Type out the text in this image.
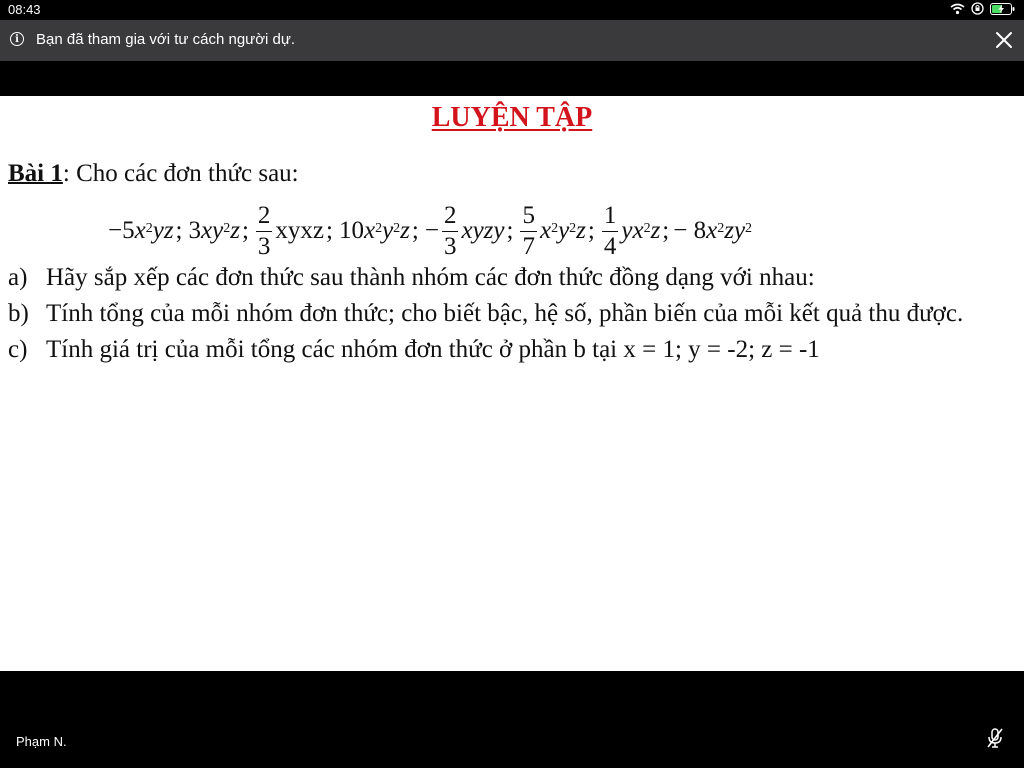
08:43
i	Bạn đã tham gia với tư cách người dự.
LUYỆN TẬP
Bài 1: Cho các đơn thức sau:
−5 $x^2$ yz ; 3 $xy^2$ z ; $\frac{2}{3}$ xyxz ; 10 $x^2$ $y^2$ z ; − $\frac{2}{3}$ xyzy ; $\frac{5}{7} x^2$ $y^2$ z ; $\frac{1}{4} yx^2$ z ; − 8 $x^2$ $zy^2$
a) Hãy sắp xếp các đơn thức sau thành nhóm các đơn thức đồng dạng với nhau:
b) Tính tổng của mỗi nhóm đơn thức; cho biết bậc, hệ số, phần biến của mỗi kết quả thu được.
c) Tính giá trị của mỗi tổng các nhóm đơn thức ở phần b tại x = 1; y = -2; z = -1
Phạm N.
